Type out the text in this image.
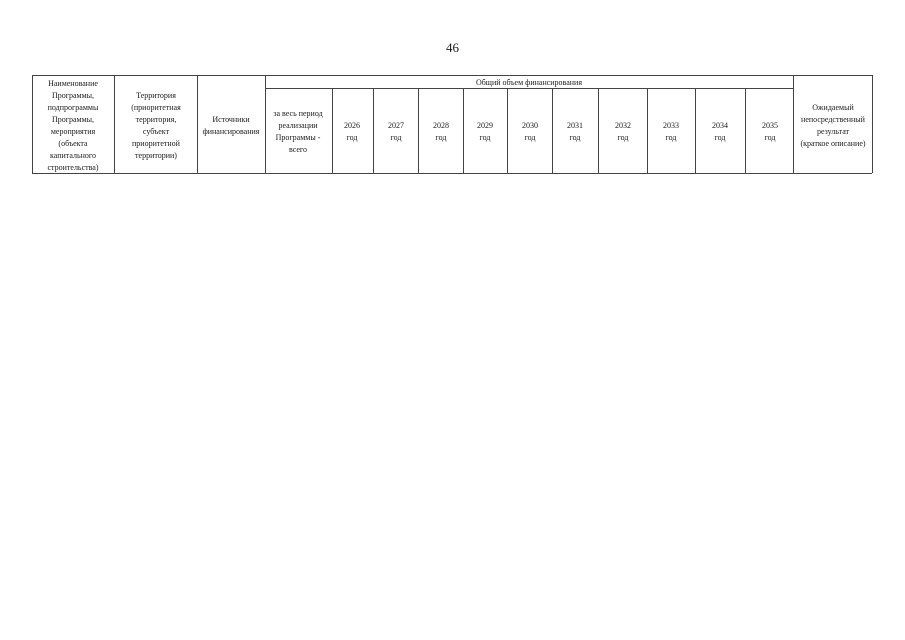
46
Наименование
Программы,
подпрограммы
Программы,
мероприятия
(объекта
капитального
строительства)
Территория
(приоритетная
территория,
субъект
приоритетной
территории)
Источники
финансирования
за весь период
реализации
Программы -
всего
Ожидаемый
непосредственный
результат
(краткое описание)
Общий объем финансирования
2026
год
2027
год
2028
год
2029
год
2030
год
2031
год
2032
год
2033
год
2034
год
2035
год
